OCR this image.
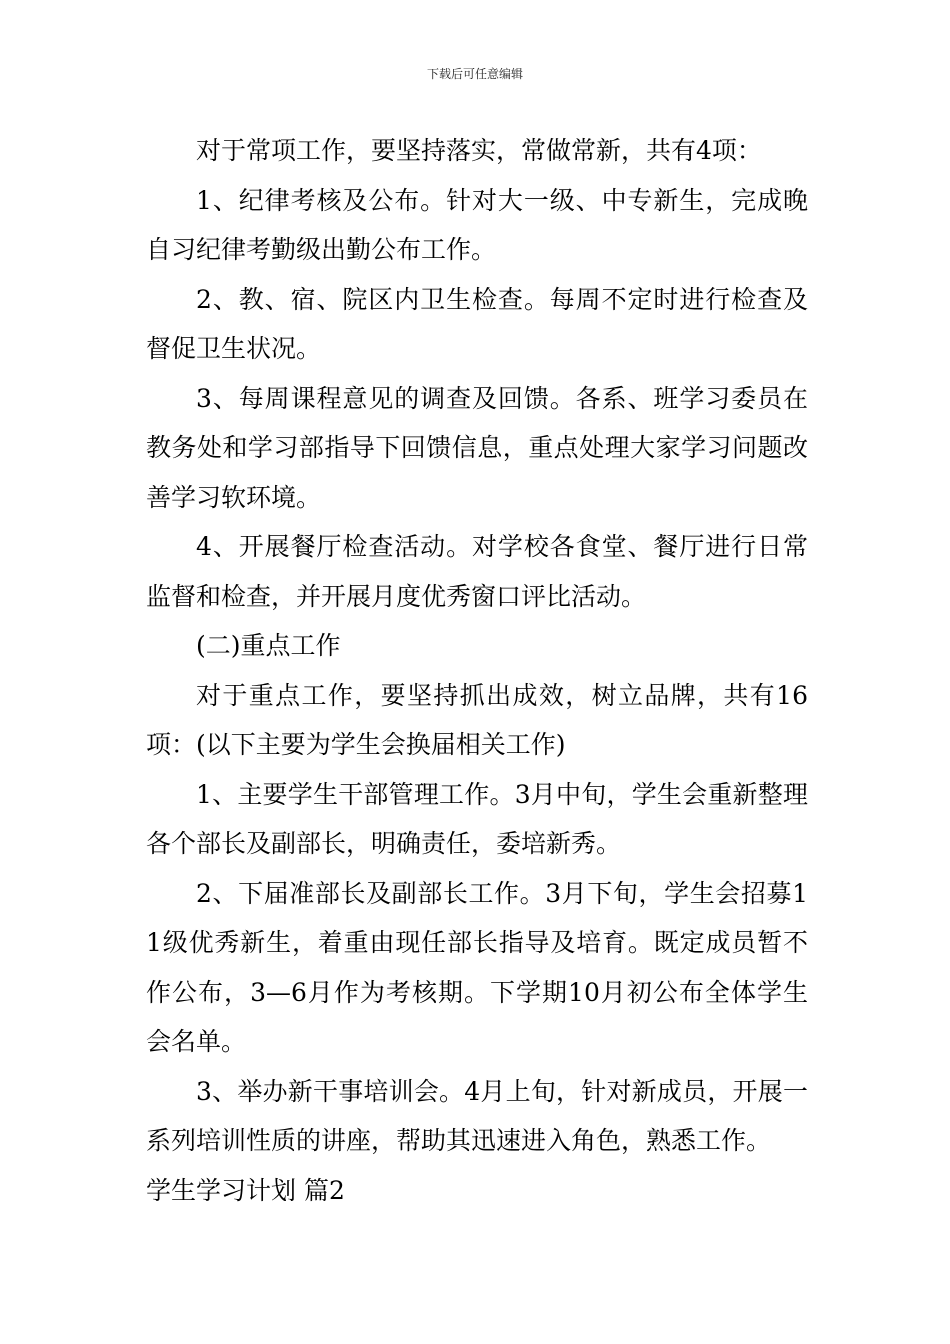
下载后可任意编辑

对于常项工作，要坚持落实，常做常新，共有4项：

1、纪律考核及公布。针对大一级、中专新生，完成晚自习纪律考勤级出勤公布工作。

2、教、宿、院区内卫生检查。每周不定时进行检查及督促卫生状况。

3、每周课程意见的调查及回馈。各系、班学习委员在教务处和学习部指导下回馈信息，重点处理大家学习问题改善学习软环境。

4、开展餐厅检查活动。对学校各食堂、餐厅进行日常监督和检查，并开展月度优秀窗口评比活动。

(二)重点工作

对于重点工作，要坚持抓出成效，树立品牌，共有16项：(以下主要为学生会换届相关工作)

1、主要学生干部管理工作。3月中旬，学生会重新整理各个部长及副部长，明确责任，委培新秀。

2、下届准部长及副部长工作。3月下旬，学生会招募11级优秀新生，着重由现任部长指导及培育。既定成员暂不作公布，3—6月作为考核期。下学期10月初公布全体学生会名单。

3、举办新干事培训会。4月上旬，针对新成员，开展一系列培训性质的讲座，帮助其迅速进入角色，熟悉工作。

学生学习计划 篇2
